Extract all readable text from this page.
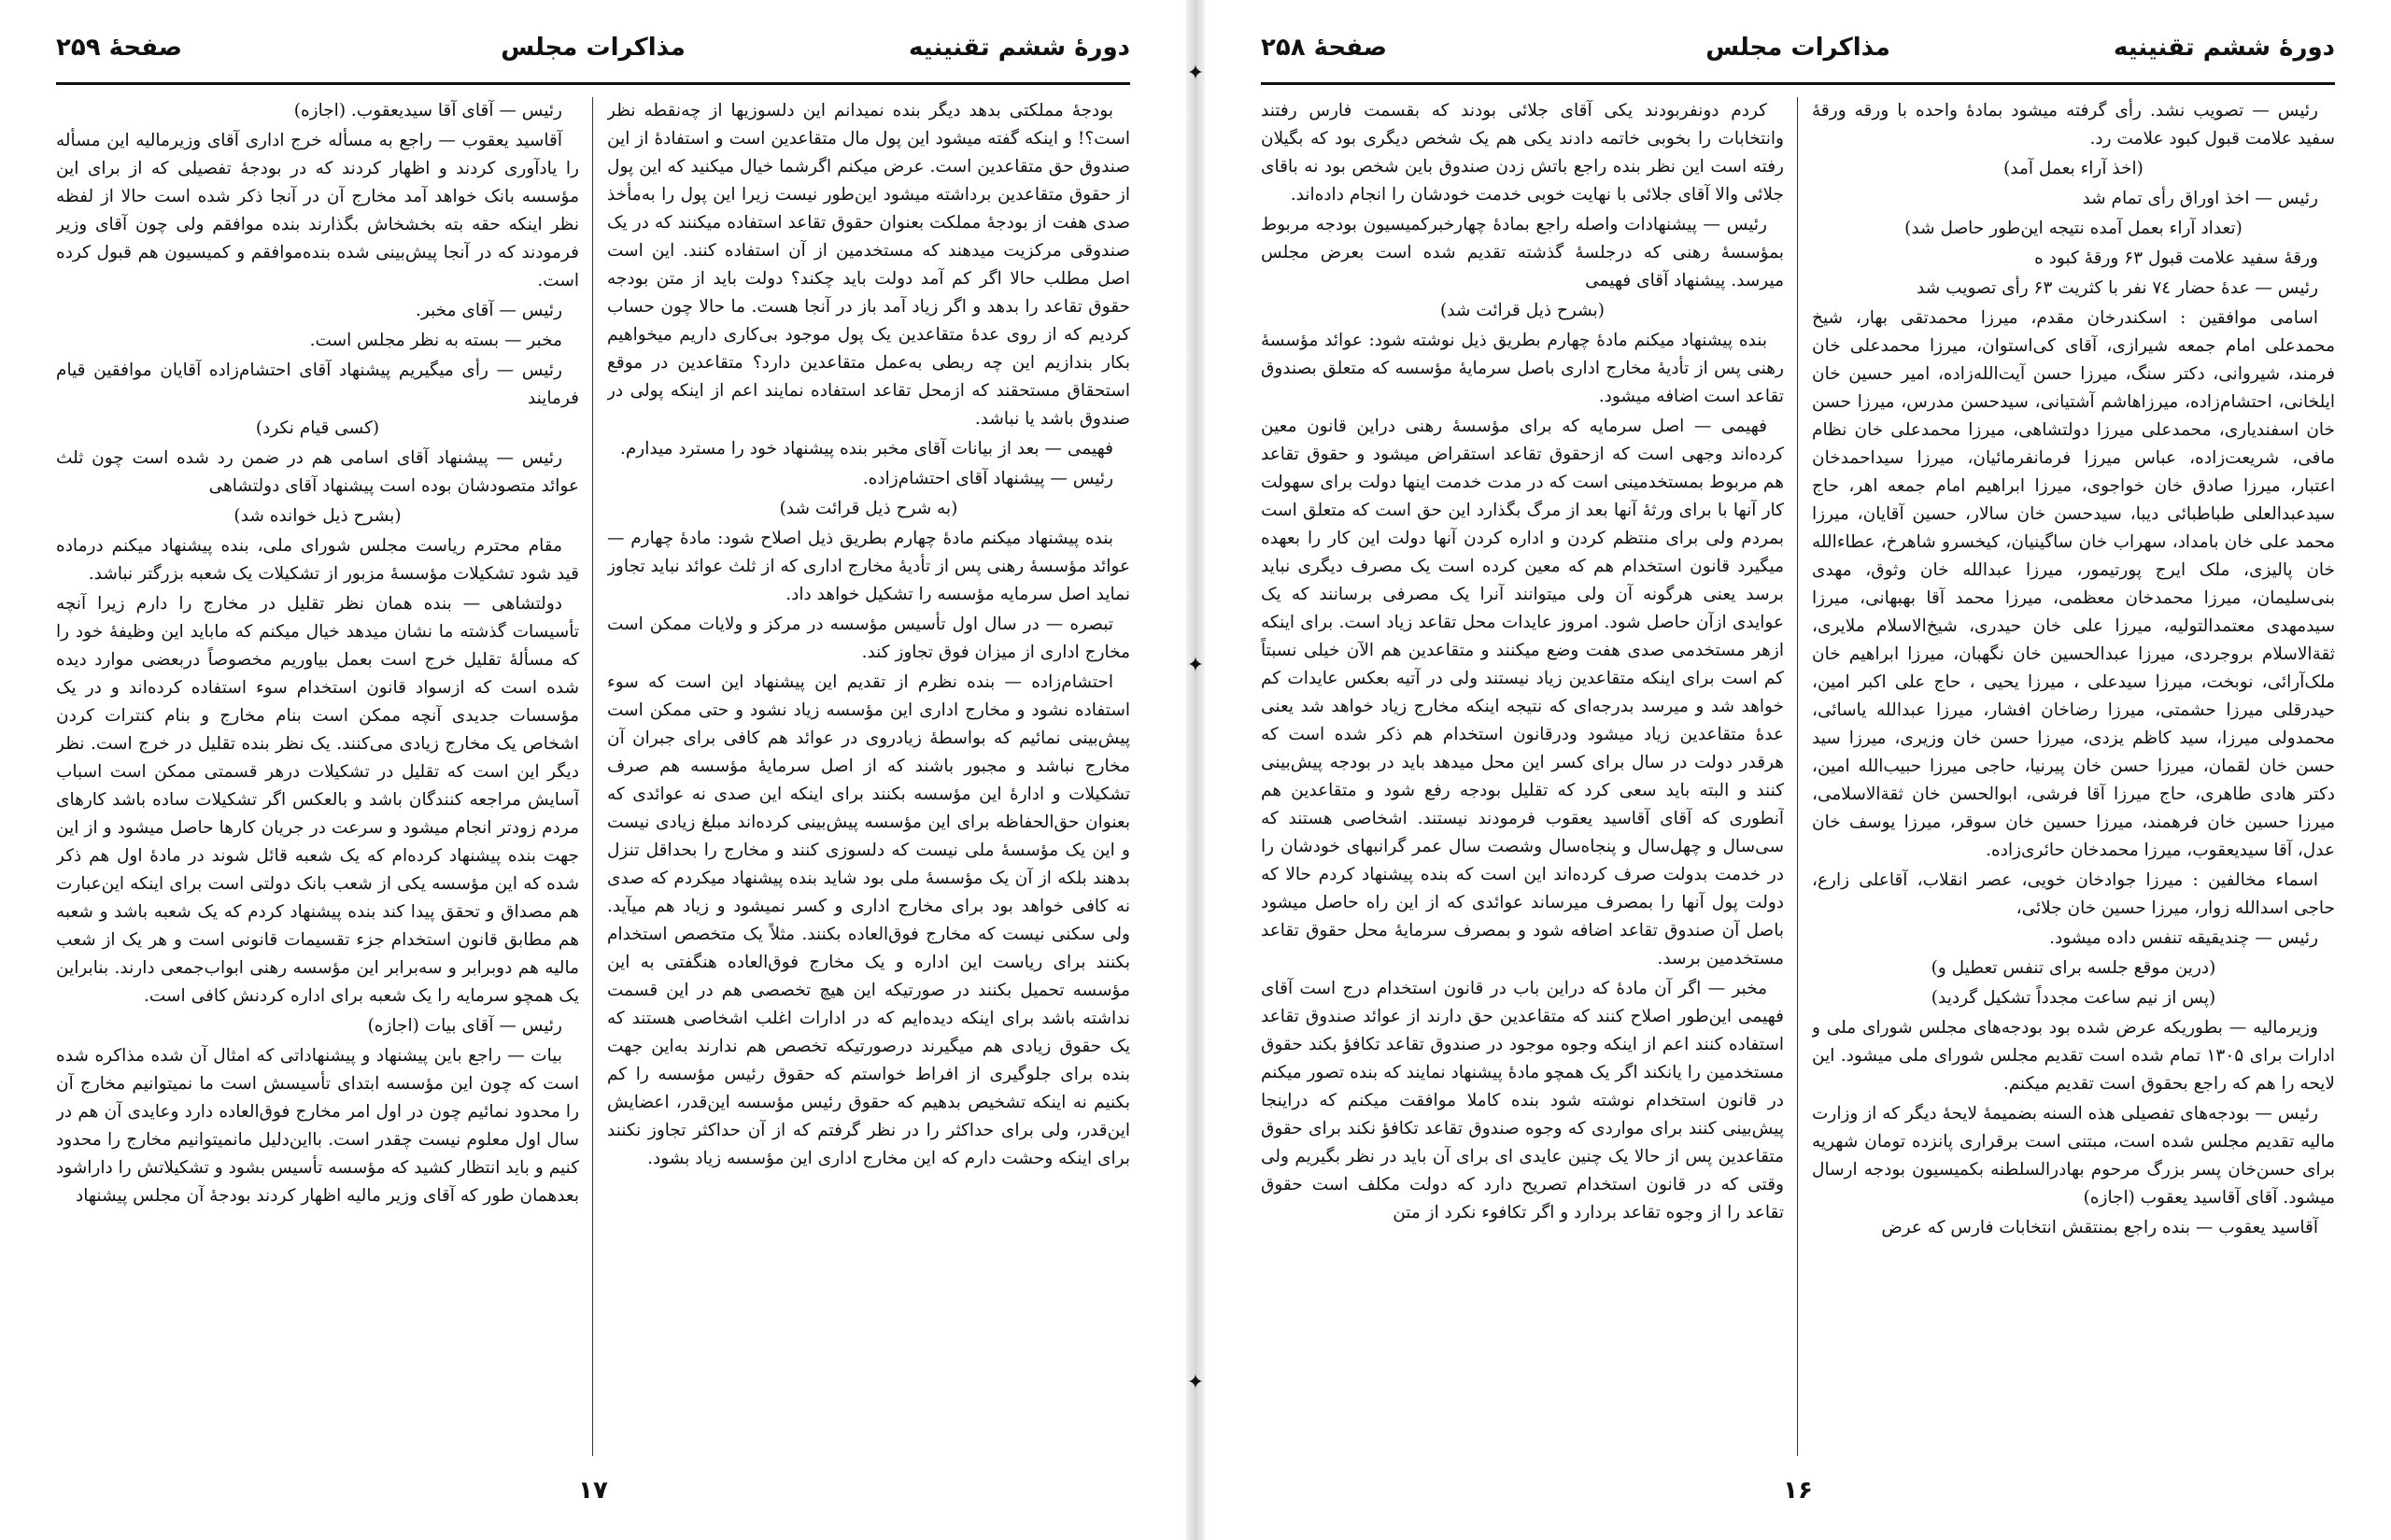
دورهٔ ششم تقنینیه
مذاکرات مجلس
صفحهٔ ۲۵۹

بودجهٔ مملکتی بدهد دیگر بنده نمیدانم این دلسوزیها از چه‌نقطه نظر است؟! و اینکه گفته میشود این پول مال متقاعدین است و استفادهٔ از این صندوق حق متقاعدین است. عرض میکنم اگرشما خیال میکنید که این پول از حقوق متقاعدین برداشته میشود این‌طور نیست زیرا این پول را به‌مأخذ صدی هفت از بودجهٔ مملکت بعنوان حقوق تقاعد استفاده میکنند که در یک صندوقی مرکزیت میدهند که مستخدمین از آن استفاده کنند. این است اصل مطلب حالا اگر کم آمد دولت باید چکند؟ دولت باید از متن بودجه حقوق تقاعد را بدهد و اگر زیاد آمد باز در آنجا هست. ما حالا چون حساب کردیم که از روی عدهٔ متقاعدین یک پول موجود بی‌کاری داریم میخواهیم بکار بندازیم این چه ربطی به‌عمل متقاعدین دارد؟ متقاعدین در موقع استحقاق مستحقند که ازمحل تقاعد استفاده نمایند اعم از اینکه پولی در صندوق باشد یا نباشد.

فهیمی — بعد از بیانات آقای مخبر بنده پیشنهاد خود را مسترد میدارم.

رئیس — پیشنهاد آقای احتشام‌زاده.

(به شرح ذیل قرائت شد)

بنده پیشنهاد میکنم مادهٔ چهارم بطریق ذیل اصلاح شود: مادهٔ چهارم — عوائد مؤسسهٔ رهنی پس از تأدیهٔ مخارج اداری که از ثلث عوائد نباید تجاوز نماید اصل سرمایه مؤسسه را تشکیل خواهد داد.

تبصره — در سال اول تأسیس مؤسسه در مرکز و ولایات ممکن است مخارج اداری از میزان فوق تجاوز کند.

احتشام‌زاده — بنده نظرم از تقدیم این پیشنهاد این است که سوء استفاده نشود و مخارج اداری این مؤسسه زیاد نشود و حتی ممکن است پیش‌بینی نمائیم که بواسطهٔ زیادروی در عوائد هم کافی برای جبران آن مخارج نباشد و مجبور باشند که از اصل سرمایهٔ مؤسسه هم صرف تشکیلات و ادارهٔ این مؤسسه بکنند برای اینکه این صدی نه عوائدی که بعنوان حق‌الحفاظه برای این مؤسسه پیش‌بینی کرده‌اند مبلغ زیادی نیست و این یک مؤسسهٔ ملی نیست که دلسوزی کنند و مخارج را بحداقل تنزل بدهند بلکه از آن یک مؤسسهٔ ملی بود شاید بنده پیشنهاد میکردم که صدی نه کافی خواهد بود برای مخارج اداری و کسر نمیشود و زیاد هم میآید. ولی سکنی نیست که مخارج فوق‌العاده بکنند. مثلاً یک متخصص استخدام بکنند برای ریاست این اداره و یک مخارج فوق‌العاده هنگفتی به این مؤسسه تحمیل بکنند در صورتیکه این هیچ تخصصی هم در این قسمت نداشته باشد برای اینکه دیده‌ایم که در ادارات اغلب اشخاصی هستند که یک حقوق زیادی هم میگیرند درصورتیکه تخصص هم ندارند به‌این جهت بنده برای جلوگیری از افراط خواستم که حقوق رئیس مؤسسه را کم بکنیم نه اینکه تشخیص بدهیم که حقوق رئیس مؤسسه این‌قدر، اعضایش این‌قدر، ولی برای حداکثر را در نظر گرفتم که از آن حداکثر تجاوز نکنند برای اینکه وحشت دارم که این مخارج اداری این مؤسسه زیاد بشود.

رئیس — آقای آقا سیدیعقوب. (اجازه)

آقاسید یعقوب — راجع به مسأله خرج اداری آقای وزیرمالیه این مسأله را یادآوری کردند و اظهار کردند که در بودجهٔ تفصیلی که از برای این مؤسسه بانک خواهد آمد مخارج آن در آنجا ذکر شده است حالا از لفظه نظر اینکه حقه بته بخشخاش بگذارند بنده موافقم ولی چون آقای وزیر فرمودند که در آنجا پیش‌بینی شده بنده‌موافقم و کمیسیون هم قبول کرده است.

رئیس — آقای مخبر.

مخبر — بسته به نظر مجلس است.

رئیس — رأی میگیریم پیشنهاد آقای احتشام‌زاده آقایان موافقین قیام فرمایند

(کسی قیام نکرد)

رئیس — پیشنهاد آقای اسامی هم در ضمن رد شده است چون ثلث عوائد متصودشان بوده است پیشنهاد آقای دولتشاهی

(بشرح ذیل خوانده شد)

مقام محترم ریاست مجلس شورای ملی، بنده پیشنهاد میکنم درماده قید شود تشکیلات مؤسسهٔ مزبور از تشکیلات یک شعبه بزرگتر نباشد.

دولتشاهی — بنده همان نظر تقلیل در مخارج را دارم زیرا آنچه تأسیسات گذشته ما نشان میدهد خیال میکنم که ماباید این وظیفهٔ خود را که مسألهٔ تقلیل خرج است بعمل بیاوریم مخصوصاً دربعضی موارد دیده شده است که ازسواد قانون استخدام سوء استفاده کرده‌اند و در یک مؤسسات جدیدی آنچه ممکن است بنام مخارج و بنام کنترات کردن اشخاص یک مخارج زیادی می‌کنند. یک نظر بنده تقلیل در خرج است. نظر دیگر این است که تقلیل در تشکیلات درهر قسمتی ممکن است اسباب آسایش مراجعه کنندگان باشد و بالعکس اگر تشکیلات ساده باشد کارهای مردم زودتر انجام میشود و سرعت در جریان کارها حاصل میشود و از این جهت بنده پیشنهاد کرده‌ام که یک شعبه قائل شوند در مادهٔ اول هم ذکر شده که این مؤسسه یکی از شعب بانک دولتی است برای اینکه این‌عبارت هم مصداق و تحقق پیدا کند بنده پیشنهاد کردم که یک شعبه باشد و شعبه هم مطابق قانون استخدام جزء تقسیمات قانونی است و هر یک از شعب مالیه هم دوبرابر و سه‌برابر این مؤسسه رهنی ابواب‌جمعی دارند. بنابراین یک همچو سرمایه را یک شعبه برای اداره کردنش کافی است.

رئیس — آقای بیات (اجازه)

بیات — راجع باین پیشنهاد و پیشنهاداتی که امثال آن شده مذاکره شده است که چون این مؤسسه ابتدای تأسیسش است ما نمیتوانیم مخارج آن را محدود نمائیم چون در اول امر مخارج فوق‌العاده دارد وعایدی آن هم در سال اول معلوم نیست چقدر است. بااین‌دلیل مانمیتوانیم مخارج را محدود کنیم و باید انتظار کشید که مؤسسه تأسیس بشود و تشکیلاتش را داراشود بعدهمان طور که آقای وزیر مالیه اظهار کردند بودجهٔ آن مجلس پیشنهاد

۱۷
✦
✦
✦
دورهٔ ششم تقنینیه
مذاکرات مجلس
صفحهٔ ۲۵۸

رئیس — تصویب نشد. رأی گرفته میشود بمادهٔ واحده با ورقه ورقهٔ سفید علامت قبول کبود علامت رد.

(اخذ آراء بعمل آمد)

رئیس — اخذ اوراق رأی تمام شد

(تعداد آراء بعمل آمده نتیجه این‌طور حاصل شد)

ورقهٔ سفید علامت قبول ۶۳ ورقهٔ کبود ه

رئیس — عدهٔ حضار ۷٤ نفر با کثریت ۶۳ رأی تصویب شد

اسامی موافقین : اسکندرخان مقدم، میرزا محمدتقی بهار، شیخ محمدعلی امام جمعه شیرازی، آقای کی‌استوان، میرزا محمدعلی خان فرمند، شیروانی، دکتر سنگ، میرزا حسن آیت‌الله‌زاده، امیر حسین خان ایلخانی، احتشام‌زاده، میرزاهاشم آشتیانی، سیدحسن مدرس، میرزا حسن خان اسفندیاری، محمدعلی میرزا دولتشاهی، میرزا محمدعلی خان نظام مافی، شریعت‌زاده، عباس میرزا فرمانفرمائیان، میرزا سیداحمدخان اعتبار، میرزا صادق خان خواجوی، میرزا ابراهیم امام جمعه اهر، حاج سیدعبدالعلی طباطبائی دیبا، سیدحسن خان سالار، حسین آقایان، میرزا محمد علی خان بامداد، سهراب خان ساگینیان، کیخسرو شاهرخ، عطاءالله خان پالیزی، ملک ایرج پورتیمور، میرزا عبدالله خان وثوق، مهدی بنی‌سلیمان، میرزا محمدخان معظمی، میرزا محمد آقا بهبهانی، میرزا سیدمهدی معتمدالتولیه، میرزا علی خان حیدری، شیخ‌الاسلام ملایری، ثقةالاسلام بروجردی، میرزا عبدالحسین خان نگهبان، میرزا ابراهیم خان ملک‌آرائی، نوبخت، میرزا سیدعلی ، میرزا یحیی ، حاج علی اکبر امین، حیدرقلی میرزا حشمتی، میرزا رضاخان افشار، میرزا عبدالله یاسائی، محمدولی میرزا، سید کاظم یزدی، میرزا حسن خان وزیری، میرزا سید حسن خان لقمان، میرزا حسن خان پیرنیا، حاجی میرزا حبیب‌الله امین، دکتر هادی طاهری، حاج میرزا آقا فرشی، ابوالحسن خان ثقةالاسلامی، میرزا حسین خان فرهمند، میرزا حسین خان سوقر، میرزا یوسف خان عدل، آقا سیدیعقوب، میرزا محمدخان حائری‌زاده.

اسماء مخالفین : میرزا جوادخان خویی، عصر انقلاب، آقاعلی زارع، حاجی اسدالله زوار، میرزا حسین خان جلائی،

رئیس — چندیقیقه تنفس داده میشود.

(درین موقع جلسه برای تنفس تعطیل و)

(پس از نیم ساعت مجدداً تشکیل گردید)

وزیرمالیه — بطوریکه عرض شده بود بودجه‌های مجلس شورای ملی و ادارات برای ۱۳۰۵ تمام شده است تقدیم مجلس شورای ملی میشود. این لایحه را هم که راجع بحقوق است تقدیم میکنم.

رئیس — بودجه‌های تفصیلی هذه السنه بضمیمهٔ لایحهٔ دیگر که از وزارت مالیه تقدیم مجلس شده است، مبتنی است برقراری پانزده تومان شهریه برای حسن‌خان پسر بزرگ مرحوم بهادرالسلطنه بکمیسیون بودجه ارسال میشود. آقای آقاسید یعقوب (اجازه)

آقاسید یعقوب — بنده راجع بمنتقش انتخابات فارس که عرض

کردم دونفربودند یکی آقای جلائی بودند که بقسمت فارس رفتند وانتخابات را بخوبی خاتمه دادند یکی هم یک شخص دیگری بود که بگیلان رفته است این نظر بنده راجع باتش زدن صندوق باین شخص بود نه باقای جلائی والا آقای جلائی با نهایت خوبی خدمت خودشان را انجام داده‌اند.

رئیس — پیشنهادات واصله راجع بمادهٔ چهارخبرکمیسیون بودجه مربوط بمؤسسهٔ رهنی که درجلسهٔ گذشته تقدیم شده است بعرض مجلس میرسد. پیشنهاد آقای فهیمی

(بشرح ذیل قرائت شد)

بنده پیشنهاد میکنم مادهٔ چهارم بطریق ذیل نوشته شود: عوائد مؤسسهٔ رهنی پس از تأدیهٔ مخارج اداری باصل سرمایهٔ مؤسسه که متعلق بصندوق تقاعد است اضافه میشود.

فهیمی — اصل سرمایه که برای مؤسسهٔ رهنی دراین قانون معین کرده‌اند وجهی است که ازحقوق تقاعد استقراض میشود و حقوق تقاعد هم مربوط بمستخدمینی است که در مدت خدمت اینها دولت برای سهولت کار آنها با برای ورثهٔ آنها بعد از مرگ بگذارد این حق است که متعلق است بمردم ولی برای منتظم کردن و اداره کردن آنها دولت این کار را بعهده میگیرد قانون استخدام هم که معین کرده است یک مصرف دیگری نباید برسد یعنی هرگونه آن ولی میتوانند آنرا یک مصرفی برسانند که یک عوایدی ازآن حاصل شود. امروز عایدات محل تقاعد زیاد است. برای اینکه ازهر مستخدمی صدی هفت وضع میکنند و متقاعدین هم الآن خیلی نسبتاً کم است برای اینکه متقاعدین زیاد نیستند ولی در آتیه بعکس عایدات کم خواهد شد و میرسد بدرجه‌ای که نتیجه اینکه مخارج زیاد خواهد شد یعنی عدهٔ متقاعدین زیاد میشود ودرقانون استخدام هم ذکر شده است که هرقدر دولت در سال برای کسر این محل میدهد باید در بودجه پیش‌بینی کنند و البته باید سعی کرد که تقلیل بودجه رفع شود و متقاعدین هم آنطوری که آقای آقاسید یعقوب فرمودند نیستند. اشخاصی هستند که سی‌سال و چهل‌سال و پنجاه‌سال وشصت سال عمر گرانبهای خودشان را در خدمت بدولت صرف کرده‌اند این است که بنده پیشنهاد کردم حالا که دولت پول آنها را بمصرف میرساند عوائدی که از این راه حاصل میشود باصل آن صندوق تقاعد اضافه شود و بمصرف سرمایهٔ محل حقوق تقاعد مستخدمین برسد.

مخبر — اگر آن مادهٔ که دراین باب در قانون استخدام درج است آقای فهیمی این‌طور اصلاح کنند که متقاعدین حق دارند از عوائد صندوق تقاعد استفاده کنند اعم از اینکه وجوه موجود در صندوق تقاعد تکافؤ بکند حقوق مستخدمین را یانکند اگر یک همچو مادهٔ پیشنهاد نمایند که بنده تصور میکنم در قانون استخدام نوشته شود بنده کاملا موافقت میکنم که دراینجا پیش‌بینی کنند برای مواردی که وجوه صندوق تقاعد تکافؤ نکند برای حقوق متقاعدین پس از حالا یک چنین عایدی ای برای آن باید در نظر بگیریم ولی وقتی که در قانون استخدام تصریح دارد که دولت مکلف است حقوق تقاعد را از وجوه تقاعد بردارد و اگر تکافوء نکرد از متن

۱۶
